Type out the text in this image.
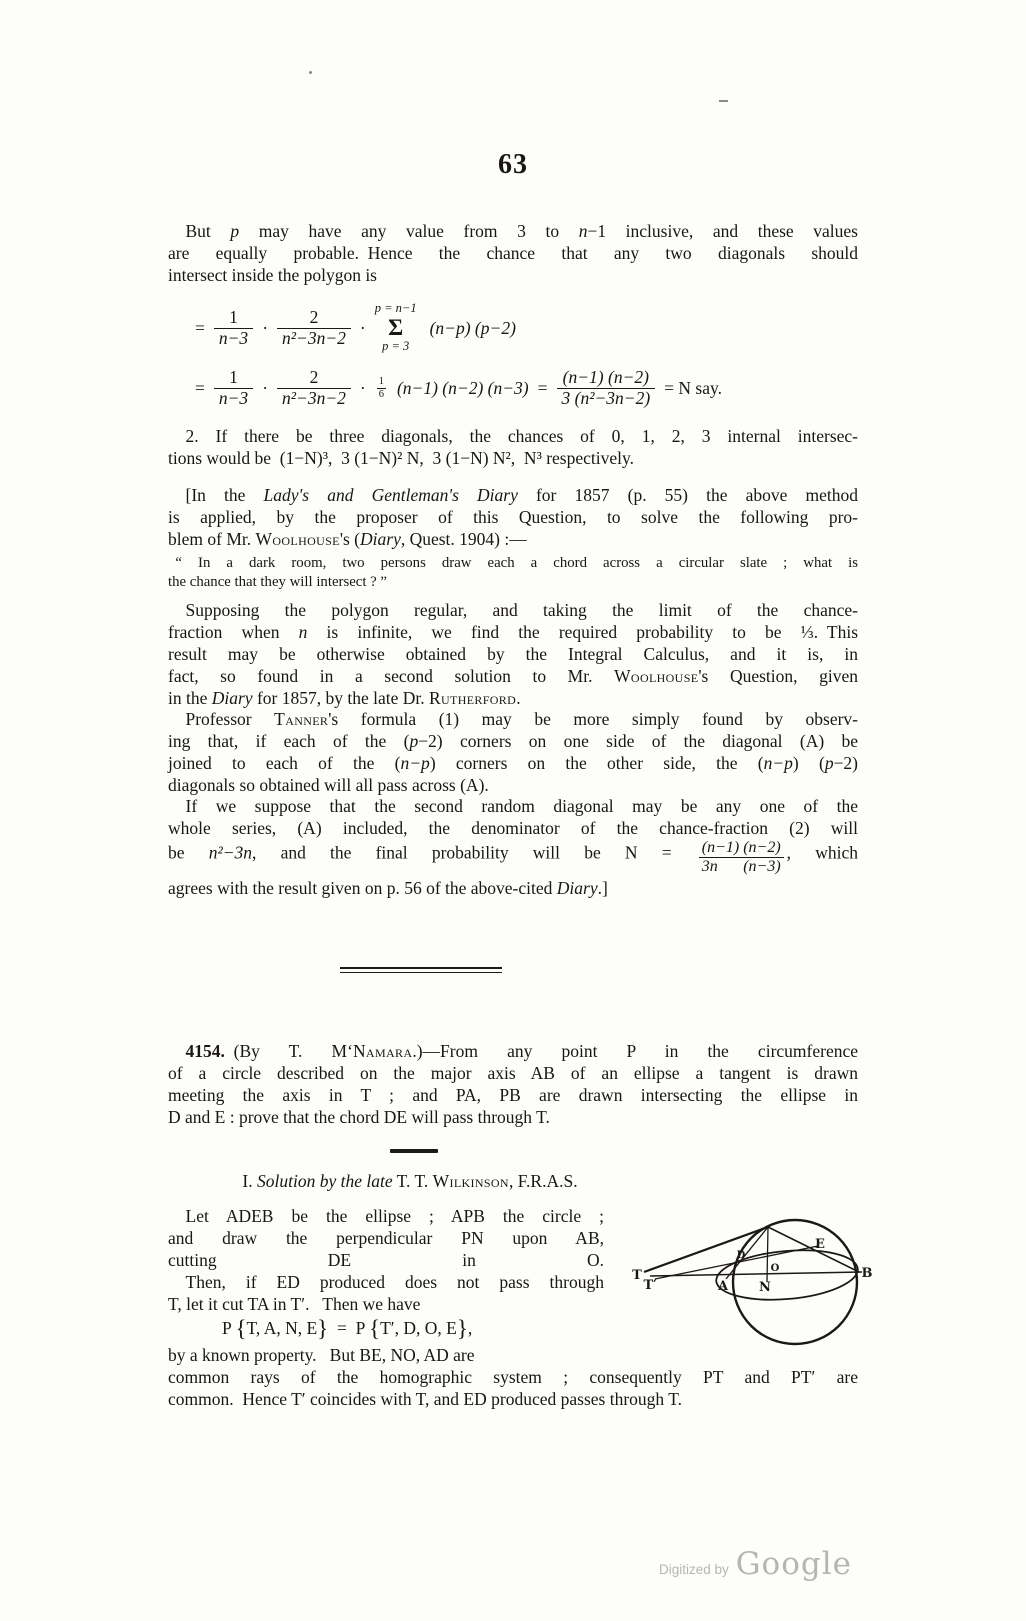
63
  But p may have any value from 3 to n−1 inclusive, and these values
are equally probable. Hence the chance that any two diagonals should
intersect inside the polygon is
= $\frac{1}{n-3} \cdot \frac{2}{\text{n²−3n−2}}$ ·
p = n−1
Σ
p = 3
(n−p) (p−2)
= $\frac{1}{n-3} \cdot \frac{2}{\text{n²−3n−2}} \cdot 1$
6 (n−1) (n−2) $(n-3) = \frac{(n-1) (n-2)}{\text{3 (n²−3n−2)}} = N$ say.
  2. If there be three diagonals, the chances of 0, 1, 2, 3 internal intersec-
tions would be (1−N)³, 3 (1−N)² N, 3 (1−N) N², N³ respectively.
  [In the Lady's and Gentleman's Diary for 1857 (p. 55) the above method
is applied, by the proposer of this Question, to solve the following pro-
blem of Mr. Woolhouse's (Diary, Quest. 1904) :—
 “ In a dark room, two persons draw each a chord across a circular slate ; what is
the chance that they will intersect ? ”
  Supposing the polygon regular, and taking the limit of the chance-
fraction when n is infinite, we find the required probability to be ⅓. This
result may be otherwise obtained by the Integral Calculus, and it is, in
fact, so found in a second solution to Mr. Woolhouse's Question, given
in the Diary for 1857, by the late Dr. Rutherford.
  Professor Tanner's formula (1) may be more simply found by observ-
ing that, if each of the (p−2) corners on one side of the diagonal (A) be
joined to each of the (n−p) corners on the other side, the (n−p) (p−2)
diagonals so obtained will all pass across (A).
  If we suppose that the second random diagonal may be any one of the
whole series, (A) included, the denominator of the chance-fraction (2) will
be n²−3n, and the final probability will be $N = \frac{(n-1) (n-2)}{3n (n-3)}$ , which
agrees with the result given on p. 56 of the above-cited Diary.]
  4154. (By T. M‘Namara.)—From any point P in the circumference
of a circle described on the major axis AB of an ellipse a tangent is drawn
meeting the axis in T ; and PA, PB are drawn intersecting the ellipse in
D and E : prove that the chord DE will pass through T.
I. Solution by the late T. T. Wilkinson, F.R.A.S.
  Let ADEB be the ellipse ; APB the circle ;
and draw the perpendicular PN upon AB,
cutting DE in O.
  Then, if ED produced does not pass through
T, let it cut TA in T′.  Then we have
P {T, A, N, E} = P {T′, D, O, E},
by a known property.  But BE, NO, AD are
common rays of the homographic system ; consequently PT and PT′ are
common. Hence T′ coincides with T, and ED produced passes through T.
T
T′	A N
B
E
D
O
Digitized by Google
